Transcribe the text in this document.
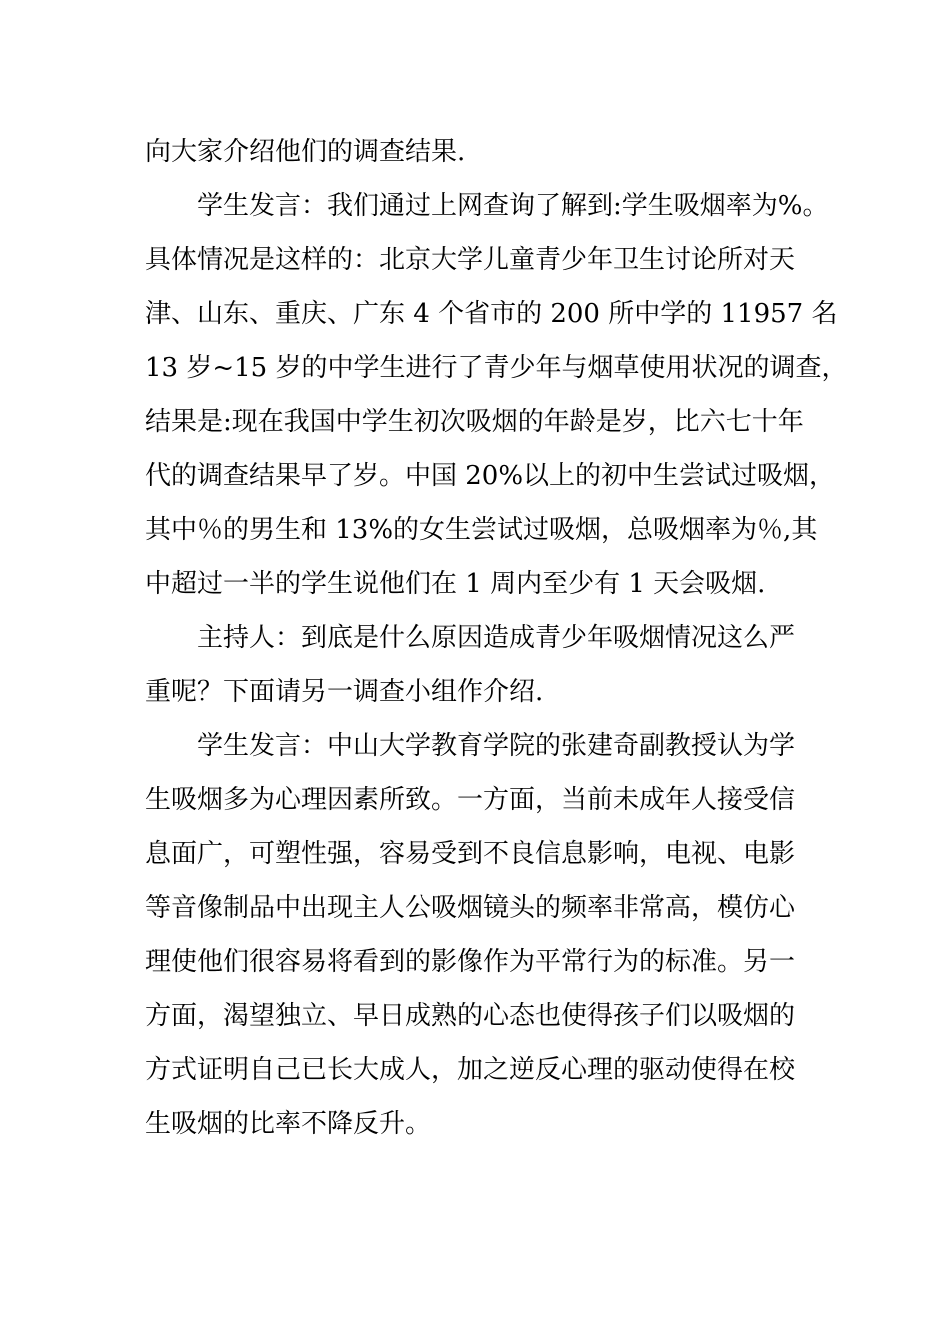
向大家介绍他们的调查结果.
学生发言：我们通过上网查询了解到:学生吸烟率为%。
具体情况是这样的：北京大学儿童青少年卫生讨论所对天
津、山东、重庆、广东 4 个省市的 200 所中学的 11957 名
13 岁~15 岁的中学生进行了青少年与烟草使用状况的调查，
结果是:现在我国中学生初次吸烟的年龄是岁，比六七十年
代的调查结果早了岁。中国 20%以上的初中生尝试过吸烟，
其中％的男生和 13%的女生尝试过吸烟，总吸烟率为％,其
中超过一半的学生说他们在 1 周内至少有 1 天会吸烟.
主持人：到底是什么原因造成青少年吸烟情况这么严
重呢？下面请另一调查小组作介绍.
学生发言：中山大学教育学院的张建奇副教授认为学
生吸烟多为心理因素所致。一方面，当前未成年人接受信
息面广，可塑性强，容易受到不良信息影响，电视、电影
等音像制品中出现主人公吸烟镜头的频率非常高，模仿心
理使他们很容易将看到的影像作为平常行为的标准。另一
方面，渴望独立、早日成熟的心态也使得孩子们以吸烟的
方式证明自己已长大成人，加之逆反心理的驱动使得在校
生吸烟的比率不降反升。
